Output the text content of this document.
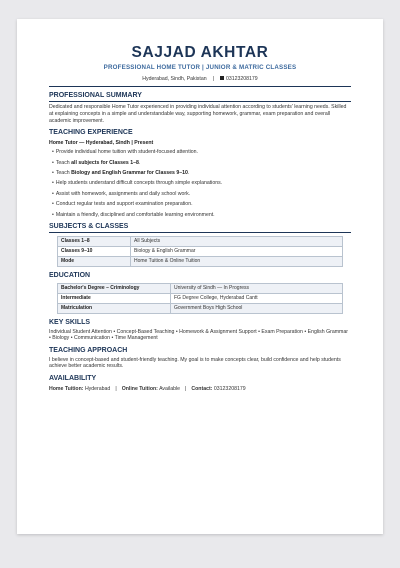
SAJJAD AKHTAR
PROFESSIONAL HOME TUTOR | JUNIOR & MATRIC CLASSES
Hyderabad, Sindh, Pakistan | 03123208179
PROFESSIONAL SUMMARY
Dedicated and responsible Home Tutor experienced in providing individual attention according to students' learning needs. Skilled at explaining concepts in a simple and understandable way, supporting homework, grammar, exam preparation and overall academic improvement.
TEACHING EXPERIENCE
Home Tutor — Hyderabad, Sindh | Present
• Provide individual home tuition with student-focused attention.
• Teach all subjects for Classes 1–8.
• Teach Biology and English Grammar for Classes 9–10.
• Help students understand difficult concepts through simple explanations.
• Assist with homework, assignments and daily school work.
• Conduct regular tests and support examination preparation.
• Maintain a friendly, disciplined and comfortable learning environment.
SUBJECTS & CLASSES
Classes 1–8	All Subjects
Classes 9–10	Biology & English Grammar
Mode	Home Tuition & Online Tuition
EDUCATION
Bachelor's Degree – Criminology	University of Sindh — In Progress
Intermediate	FG Degree College, Hyderabad Cantt
Matriculation	Government Boys High School
KEY SKILLS
Individual Student Attention • Concept-Based Teaching • Homework & Assignment Support • Exam Preparation • English Grammar • Biology • Communication • Time Management
TEACHING APPROACH
I believe in concept-based and student-friendly teaching. My goal is to make concepts clear, build confidence and help students achieve better academic results.
AVAILABILITY
Home Tuition: Hyderabad | Online Tuition: Available | Contact: 03123208179
